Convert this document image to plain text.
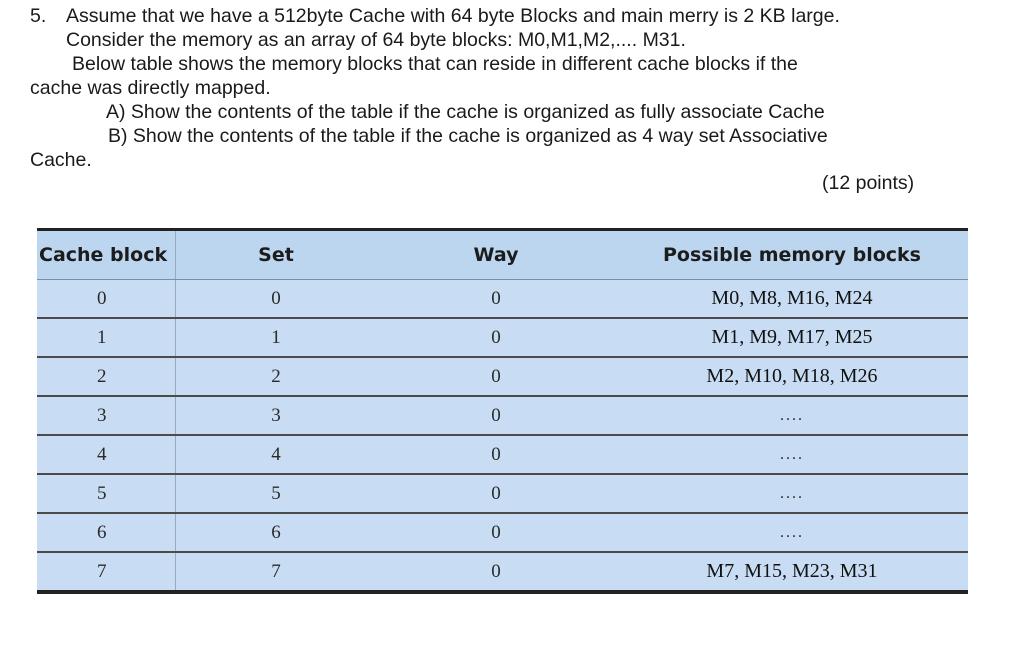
5. Assume that we have a 512byte Cache with 64 byte Blocks and main merry is 2 KB large.

Consider the memory as an array of 64 byte blocks: M0,M1,M2,.... M31.

Below table shows the memory blocks that can reside in different cache blocks if the

cache was directly mapped.

A) Show the contents of the table if the cache is organized as fully associate Cache

B) Show the contents of the table if the cache is organized as 4 way set Associative

Cache.

(12 points)
Cache block	Set	Way	Possible memory blocks
0	0	0	M0, M8, M16, M24
1	1	0	M1, M9, M17, M25
2	2	0	M2, M10, M18, M26
3	3	0	....
4	4	0	....
5	5	0	....
6	6	0	....
7	7	0	M7, M15, M23, M31
